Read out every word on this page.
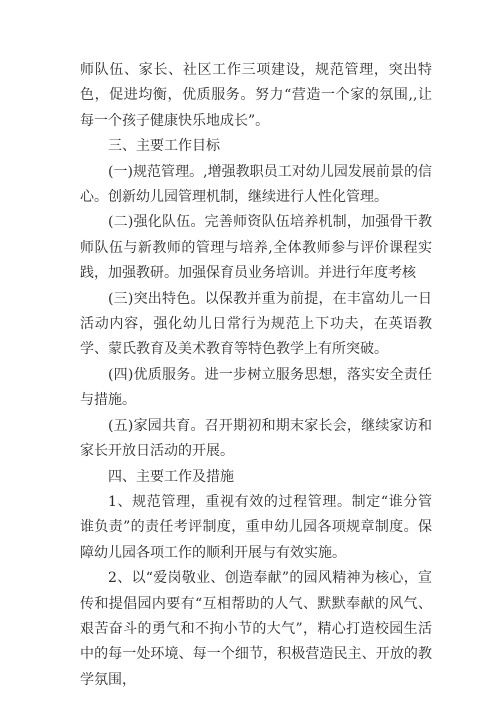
师队伍、家长、社区工作三项建设，规范管理，突出特色，促进均衡，优质服务。努力“营造一个家的氛围,,让每一个孩子健康快乐地成长”。

三、主要工作目标

(一)规范管理。,增强教职员工对幼儿园发展前景的信心。创新幼儿园管理机制，继续进行人性化管理。

(二)强化队伍。完善师资队伍培养机制，加强骨干教师队伍与新教师的管理与培养,全体教师参与评价课程实践，加强教研。加强保育员业务培训。并进行年度考核

(三)突出特色。以保教并重为前提，在丰富幼儿一日活动内容，强化幼儿日常行为规范上下功夫，在英语教学、蒙氏教育及美术教育等特色教学上有所突破。

(四)优质服务。进一步树立服务思想，落实安全责任与措施。

(五)家园共育。召开期初和期末家长会，继续家访和家长开放日活动的开展。

四、主要工作及措施

1、规范管理，重视有效的过程管理。制定“谁分管谁负责”的责任考评制度，重申幼儿园各项规章制度。保障幼儿园各项工作的顺利开展与有效实施。

2、以“爱岗敬业、创造奉献”的园风精神为核心，宣传和提倡园内要有“互相帮助的人气、默默奉献的风气、艰苦奋斗的勇气和不拘小节的大气”，精心打造校园生活中的每一处环境、每一个细节，积极营造民主、开放的教学氛围，
